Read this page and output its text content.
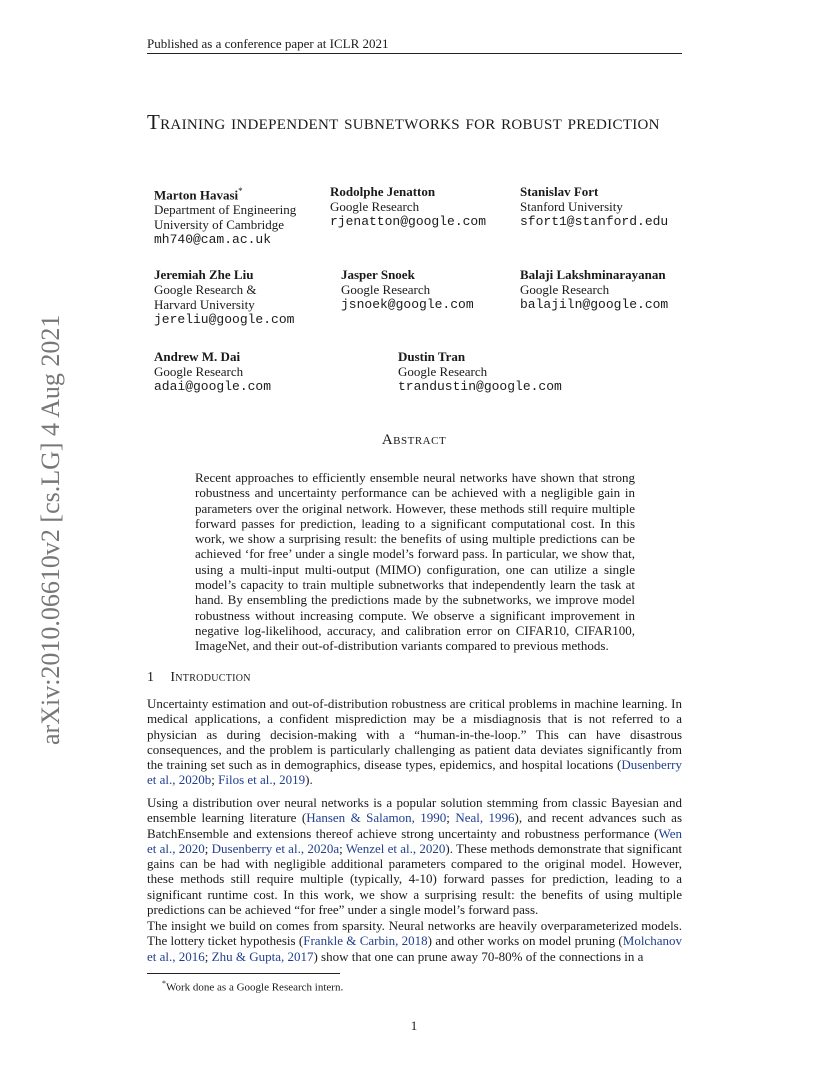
Published as a conference paper at ICLR 2021
arXiv:2010.06610v2 [cs.LG] 4 Aug 2021
Training independent subnetworks for robust prediction
Marton Havasi*
Department of Engineering
University of Cambridge
mh740@cam.ac.uk
Rodolphe Jenatton
Google Research
rjenatton@google.com
Stanislav Fort
Stanford University
sfort1@stanford.edu
Jeremiah Zhe Liu
Google Research &
Harvard University
jereliu@google.com
Jasper Snoek
Google Research
jsnoek@google.com
Balaji Lakshminarayanan
Google Research
balajiln@google.com
Andrew M. Dai
Google Research
adai@google.com
Dustin Tran
Google Research
trandustin@google.com
Abstract
Recent approaches to efficiently ensemble neural networks have shown that strong robustness and uncertainty performance can be achieved with a negligible gain in parameters over the original network. However, these methods still require multiple forward passes for prediction, leading to a significant computational cost. In this work, we show a surprising result: the benefits of using multiple predictions can be achieved ‘for free’ under a single model’s forward pass. In particular, we show that, using a multi-input multi-output (MIMO) configuration, one can utilize a single model’s capacity to train multiple subnetworks that independently learn the task at hand. By ensembling the predictions made by the subnetworks, we improve model robustness without increasing compute. We observe a significant improvement in negative log-likelihood, accuracy, and calibration error on CIFAR10, CIFAR100, ImageNet, and their out-of-distribution variants compared to previous methods.
1 Introduction

Uncertainty estimation and out-of-distribution robustness are critical problems in machine learning. In medical applications, a confident misprediction may be a misdiagnosis that is not referred to a physician as during decision-making with a “human-in-the-loop.” This can have disastrous consequences, and the problem is particularly challenging as patient data deviates significantly from the training set such as in demographics, disease types, epidemics, and hospital locations (Dusenberry et al., 2020b; Filos et al., 2019).

Using a distribution over neural networks is a popular solution stemming from classic Bayesian and ensemble learning literature (Hansen & Salamon, 1990; Neal, 1996), and recent advances such as BatchEnsemble and extensions thereof achieve strong uncertainty and robustness performance (Wen et al., 2020; Dusenberry et al., 2020a; Wenzel et al., 2020). These methods demonstrate that significant gains can be had with negligible additional parameters compared to the original model. However, these methods still require multiple (typically, 4-10) forward passes for prediction, leading to a significant runtime cost. In this work, we show a surprising result: the benefits of using multiple predictions can be achieved “for free” under a single model’s forward pass.

The insight we build on comes from sparsity. Neural networks are heavily overparameterized models. The lottery ticket hypothesis (Frankle & Carbin, 2018) and other works on model pruning (Molchanov et al., 2016; Zhu & Gupta, 2017) show that one can prune away 70-80% of the connections in a

*Work done as a Google Research intern.
1
